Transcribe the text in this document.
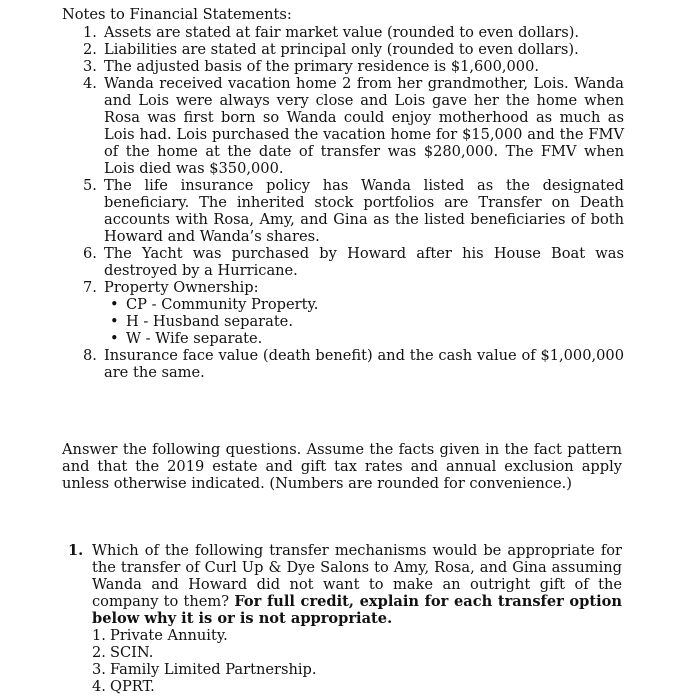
Notes to Financial Statements:
1. Assets are stated at fair market value (rounded to even dollars).
2. Liabilities are stated at principal only (rounded to even dollars).
3. The adjusted basis of the primary residence is $1,600,000.
4. Wanda received vacation home 2 from her grandmother, Lois. Wanda and Lois were always very close and Lois gave her the home when Rosa was first born so Wanda could enjoy motherhood as much as Lois had. Lois purchased the vacation home for $15,000 and the FMV of the home at the date of transfer was $280,000. The FMV when Lois died was $350,000.
5. The life insurance policy has Wanda listed as the designated beneficiary. The inherited stock portfolios are Transfer on Death accounts with Rosa, Amy, and Gina as the listed beneficiaries of both Howard and Wanda’s shares.
6. The Yacht was purchased by Howard after his House Boat was destroyed by a Hurricane.
7. Property Ownership:
• CP - Community Property.
• H - Husband separate.
• W - Wife separate.
8. Insurance face value (death benefit) and the cash value of $1,000,000 are the same.

Answer the following questions. Assume the facts given in the fact pattern and that the 2019 estate and gift tax rates and annual exclusion apply unless otherwise indicated. (Numbers are rounded for convenience.)

1. Which of the following transfer mechanisms would be appropriate for the transfer of Curl Up & Dye Salons to Amy, Rosa, and Gina assuming Wanda and Howard did not want to make an outright gift of the company to them? For full credit, explain for each transfer option below why it is or is not appropriate.

1. Private Annuity.
2. SCIN.
3. Family Limited Partnership.
4. QPRT.
